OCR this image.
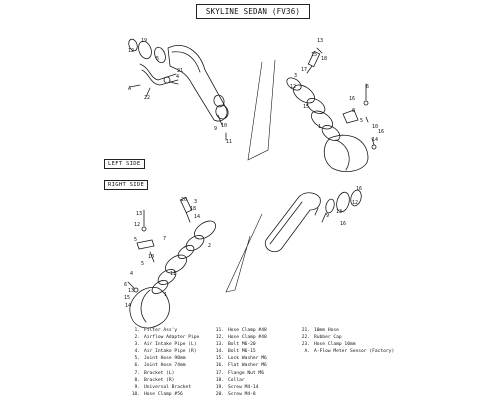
SKYLINE SEDAN (FV36)
12
19
4
A
22
5
21
9 10
11
13
15
18
17
3
12
15
6
8
5
16
10
1
14
16
20 3
18
14
2
13
12
7
5
10
5
4
6
13
15
14
12
9
16
13
1
16
11
LEFT SIDE
RIGHT SIDE
1. Filter Ass'y
2. Airflow Adapter Pipe
3. Air Intake Pipe (L)
4. Air Intake Pipe (R)
5. Joint Hose 90mm
6. Joint Hose 74mm
7. Bracket (L)
8. Bracket (R)
9. Universal Bracket
10. Hose Clamp #56
11. Hose Clamp #48
12. Hose Clamp #40
13. Bolt M6-20
14. Bolt M6-15
15. Lock Washer M6
16. Flat Washer M6
17. Flange Nut M6
18. Collar
19. Screw M4-14
20. Screw M4-8
21. 10mm Hose
22. Rubber Cap
23. Hose Clamp 10mm
A. A-Flow Meter Sensor (Factory)
